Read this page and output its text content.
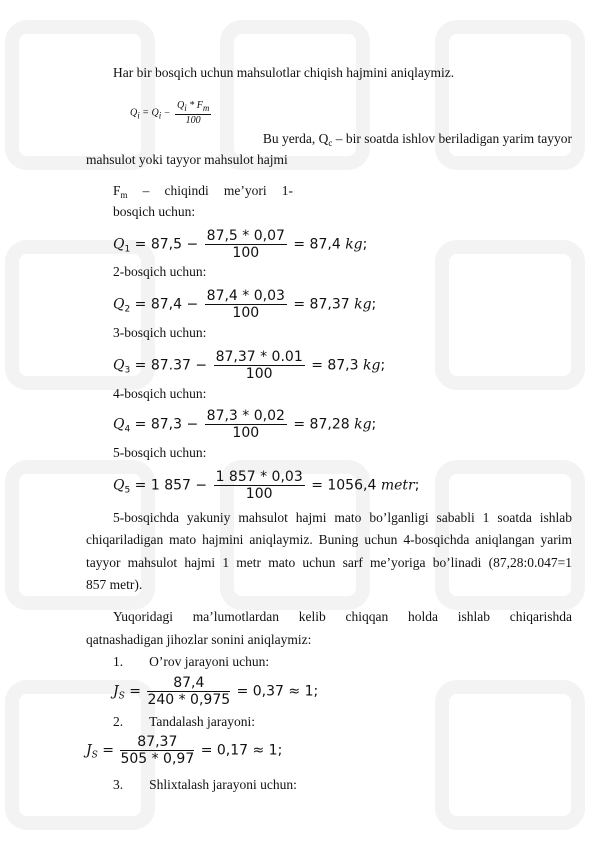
Har bir bosqich uchun mahsulotlar chiqish hajmini aniqlaymiz.
$Qi = Qi - \frac{Qi * Fm}{100}$
Bu yerda, $Q_c$ – bir soatda ishlov beriladigan yarim tayyor
mahsulot yoki tayyor mahsulot hajmi
$F_m$ – chiqindi me’yori 1-
bosqich uchun:
$Q_1 = 87,5 - \frac{87,5 * 0,07}{100} = 87,4$ kg;
2-bosqich uchun:
$Q_2 = 87,4 - \frac{87,4 * 0,03}{100} = 87,37$ kg;
3-bosqich uchun:
$Q_3 = 87.37 - \frac{87,37 * 0.01}{100} = 87,3$ kg;
4-bosqich uchun:
$Q_4 = 87,3 - \frac{87,3 * 0,02}{100} = 87,28$ kg;
5-bosqich uchun:
$Q_5 = 1$ $857 - \frac{1 857 * 0,03}{100} = 1056,4$ metr;
5-bosqichda yakuniy mahsulot hajmi mato bo’lganligi sababli 1 soatda ishlab
chiqariladigan mato hajmini aniqlaymiz. Buning uchun 4-bosqichda aniqlangan yarim
tayyor mahsulot hajmi 1 metr mato uchun sarf me’yoriga bo’linadi (87,28:0.047=1
857 metr).
Yuqoridagi ma’lumotlardan kelib chiqqan holda ishlab chiqarishda
qatnashadigan jihozlar sonini aniqlaymiz:
1. O’rov jarayoni uchun:
$J_S = \frac{87,4}{240 * 0,975} = 0,37 \approx 1$;
2. Tandalash jarayoni:
$J_S = \frac{87,37}{505 * 0,97} = 0,17 \approx 1$;
3. Shlixtalash jarayoni uchun:
